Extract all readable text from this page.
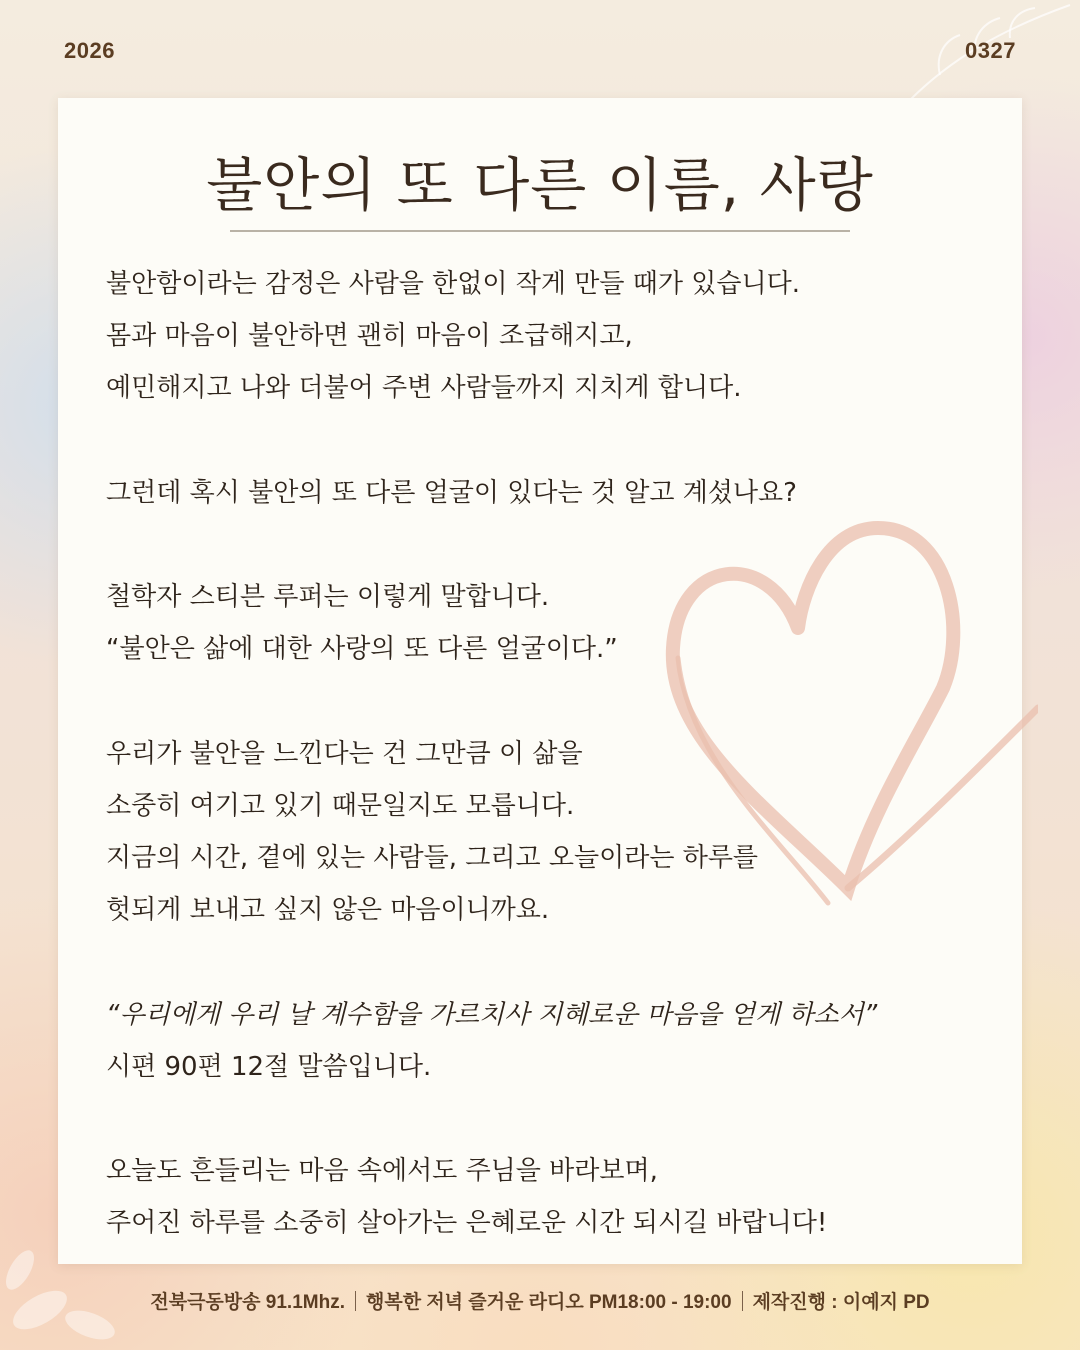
2026	0327
불안의 또 다른 이름, 사랑
불안함이라는 감정은 사람을 한없이 작게 만들 때가 있습니다.
몸과 마음이 불안하면 괜히 마음이 조급해지고,
예민해지고 나와 더불어 주변 사람들까지 지치게 합니다.
그런데 혹시 불안의 또 다른 얼굴이 있다는 것 알고 계셨나요?
철학자 스티븐 루퍼는 이렇게 말합니다.
“불안은 삶에 대한 사랑의 또 다른 얼굴이다.”
우리가 불안을 느낀다는 건 그만큼 이 삶을
소중히 여기고 있기 때문일지도 모릅니다.
지금의 시간, 곁에 있는 사람들, 그리고 오늘이라는 하루를
헛되게 보내고 싶지 않은 마음이니까요.
“우리에게 우리 날 계수함을 가르치사 지혜로운 마음을 얻게 하소서”
시편 90편 12절 말씀입니다.
오늘도 흔들리는 마음 속에서도 주님을 바라보며,
주어진 하루를 소중히 살아가는 은혜로운 시간 되시길 바랍니다!
전북극동방송 91.1Mhz. 행복한 저녁 즐거운 라디오 PM18:00 - 19:00 제작진행 : 이예지 PD
